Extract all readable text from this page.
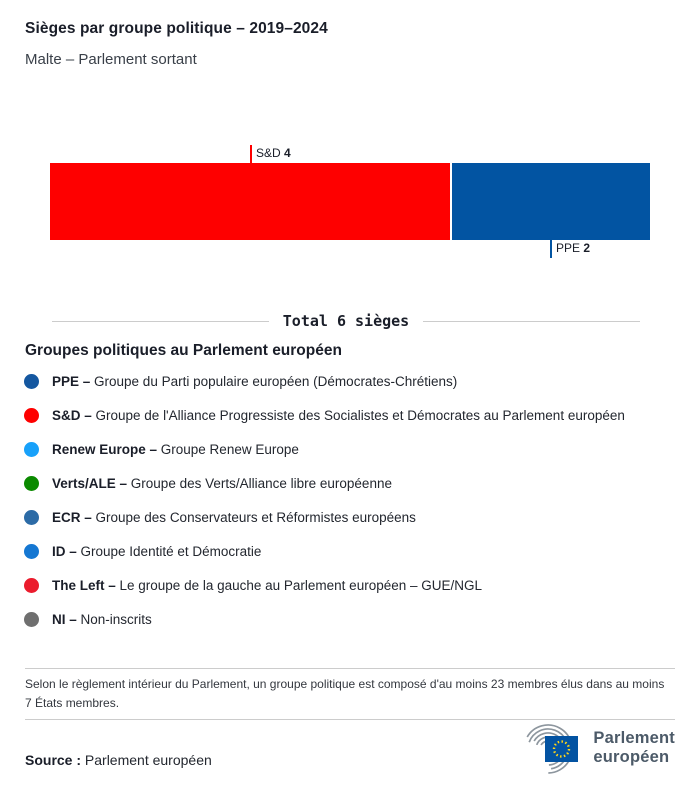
Sièges par groupe politique – 2019–2024
Malte – Parlement sortant
S&D 4
PPE 2
Total 6 sièges
Groupes politiques au Parlement européen
PPE – Groupe du Parti populaire européen (Démocrates-Chrétiens)
S&D – Groupe de l'Alliance Progressiste des Socialistes et Démocrates au Parlement européen
Renew Europe – Groupe Renew Europe
Verts/ALE – Groupe des Verts/Alliance libre européenne
ECR – Groupe des Conservateurs et Réformistes européens
ID – Groupe Identité et Démocratie
The Left – Le groupe de la gauche au Parlement européen – GUE/NGL
NI – Non-inscrits
Selon le règlement intérieur du Parlement, un groupe politique est composé d'au moins 23 membres élus dans au moins 7 États membres.
Source : Parlement européen
Parlement
européen
